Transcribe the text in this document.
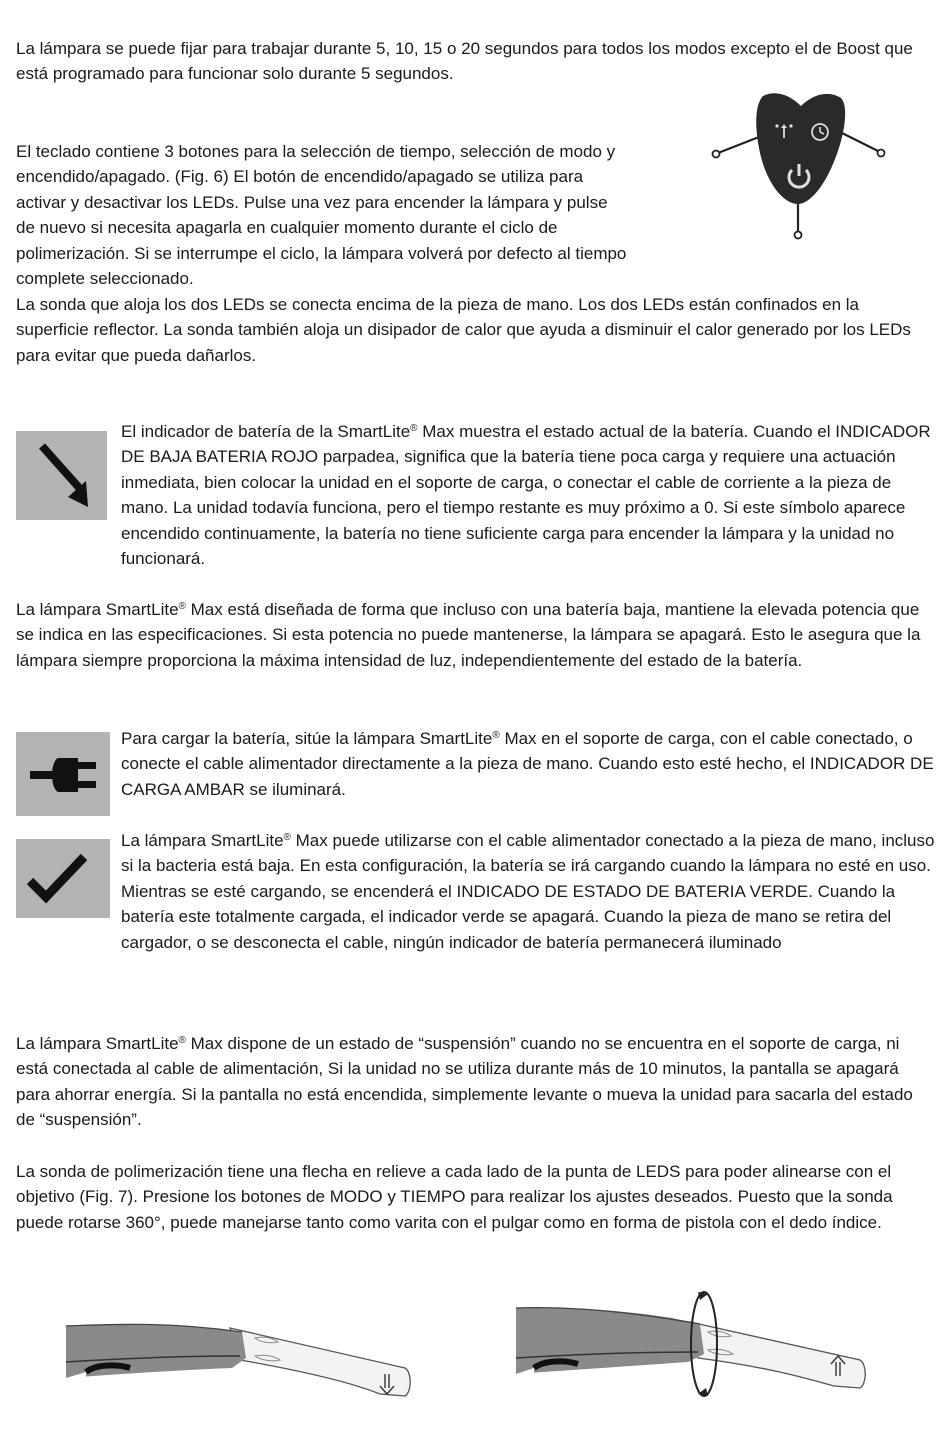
La lámpara se puede fijar para trabajar durante 5, 10, 15 o 20 segundos para todos los modos excepto el de Boost que está programado para funcionar solo durante 5 segundos.

El teclado contiene 3 botones para la selección de tiempo, selección de modo y encendido/apagado. (Fig. 6) El botón de encendido/apagado se utiliza para activar y desactivar los LEDs. Pulse una vez para encender la lámpara y pulse de nuevo si necesita apagarla en cualquier momento durante el ciclo de polimerización. Si se interrumpe el ciclo, la lámpara volverá por defecto al tiempo complete seleccionado.

La sonda que aloja los dos LEDs se conecta encima de la pieza de mano. Los dos LEDs están confinados en la superficie reflector. La sonda también aloja un disipador de calor que ayuda a disminuir el calor generado por los LEDs para evitar que pueda dañarlos.

El indicador de batería de la SmartLite® Max muestra el estado actual de la batería. Cuando el INDICADOR DE BAJA BATERIA ROJO parpadea, significa que la batería tiene poca carga y requiere una actuación inmediata, bien colocar la unidad en el soporte de carga, o conectar el cable de corriente a la pieza de mano. La unidad todavía funciona, pero el tiempo restante es muy próximo a 0. Si este símbolo aparece encendido continuamente, la batería no tiene suficiente carga para encender la lámpara y la unidad no funcionará.

La lámpara SmartLite® Max está diseñada de forma que incluso con una batería baja, mantiene la elevada potencia que se indica en las especificaciones. Si esta potencia no puede mantenerse, la lámpara se apagará. Esto le asegura que la lámpara siempre proporciona la máxima intensidad de luz, independientemente del estado de la batería.

Para cargar la batería, sitúe la lámpara SmartLite® Max en el soporte de carga, con el cable conectado, o conecte el cable alimentador directamente a la pieza de mano. Cuando esto esté hecho, el INDICADOR DE CARGA AMBAR se iluminará.

La lámpara SmartLite® Max puede utilizarse con el cable alimentador conectado a la pieza de mano, incluso si la bacteria está baja. En esta configuración, la batería se irá cargando cuando la lámpara no esté en uso. Mientras se esté cargando, se encenderá el INDICADO DE ESTADO DE BATERIA VERDE. Cuando la batería este totalmente cargada, el indicador verde se apagará. Cuando la pieza de mano se retira del cargador, o se desconecta el cable, ningún indicador de batería permanecerá iluminado

La lámpara SmartLite® Max dispone de un estado de “suspensión” cuando no se encuentra en el soporte de carga, ni está conectada al cable de alimentación, Si la unidad no se utiliza durante más de 10 minutos, la pantalla se apagará para ahorrar energía. Si la pantalla no está encendida, simplemente levante o mueva la unidad para sacarla del estado de “suspensión”.

La sonda de polimerización tiene una flecha en relieve a cada lado de la punta de LEDS para poder alinearse con el objetivo (Fig. 7). Presione los botones de MODO y TIEMPO para realizar los ajustes deseados. Puesto que la sonda puede rotarse 360°, puede manejarse tanto como varita con el pulgar como en forma de pistola con el dedo índice.
